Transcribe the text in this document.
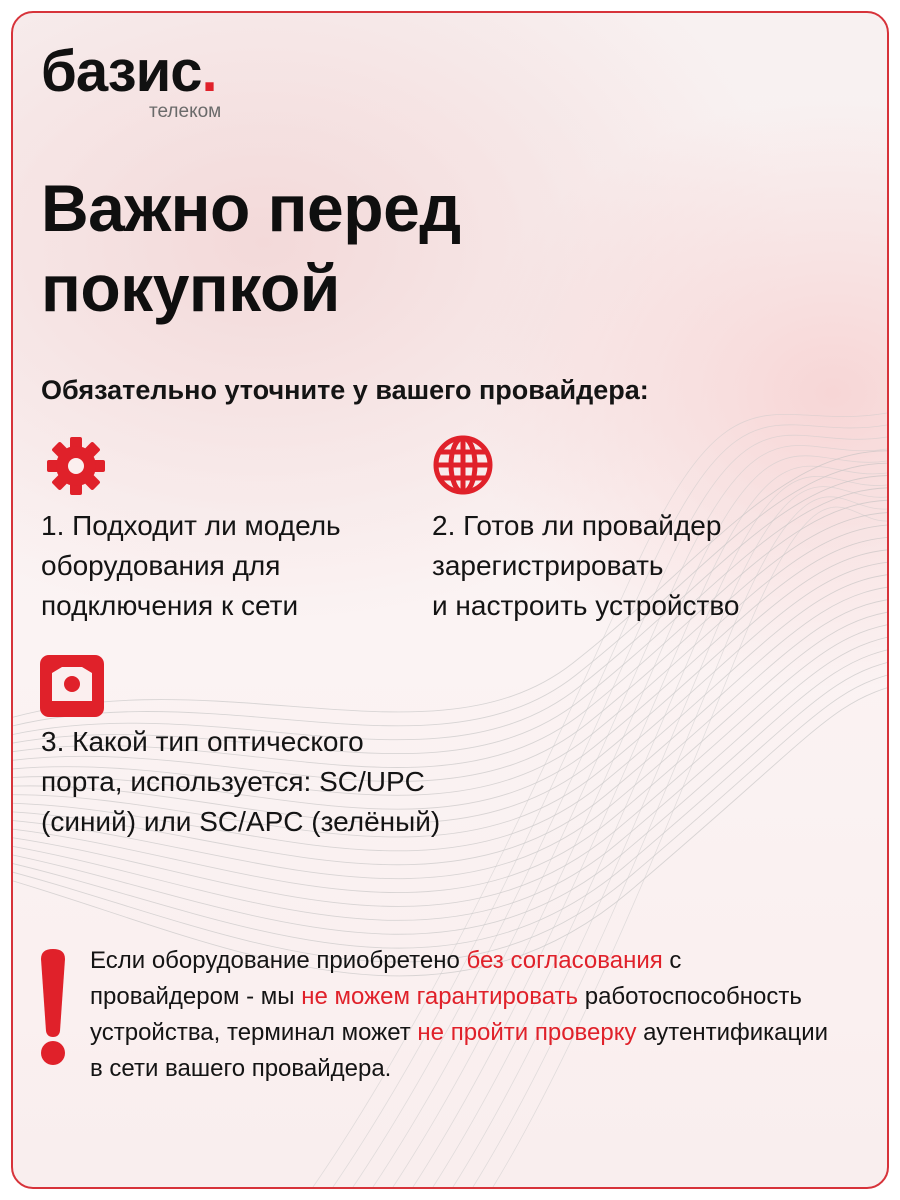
базис.
телеком
Важно перед
покупкой

Обязательно уточните у вашего провайдера:

1. Подходит ли модель
оборудования для
подключения к сети

2. Готов ли провайдер
зарегистрировать
и настроить устройство

3. Какой тип оптического
порта, используется: SC/UPC
(синий) или SC/APC (зелёный)

Если оборудование приобретено без согласования с провайдером - мы не можем гарантировать работоспособность устройства, терминал может не пройти проверку аутентификации в сети вашего провайдера.
